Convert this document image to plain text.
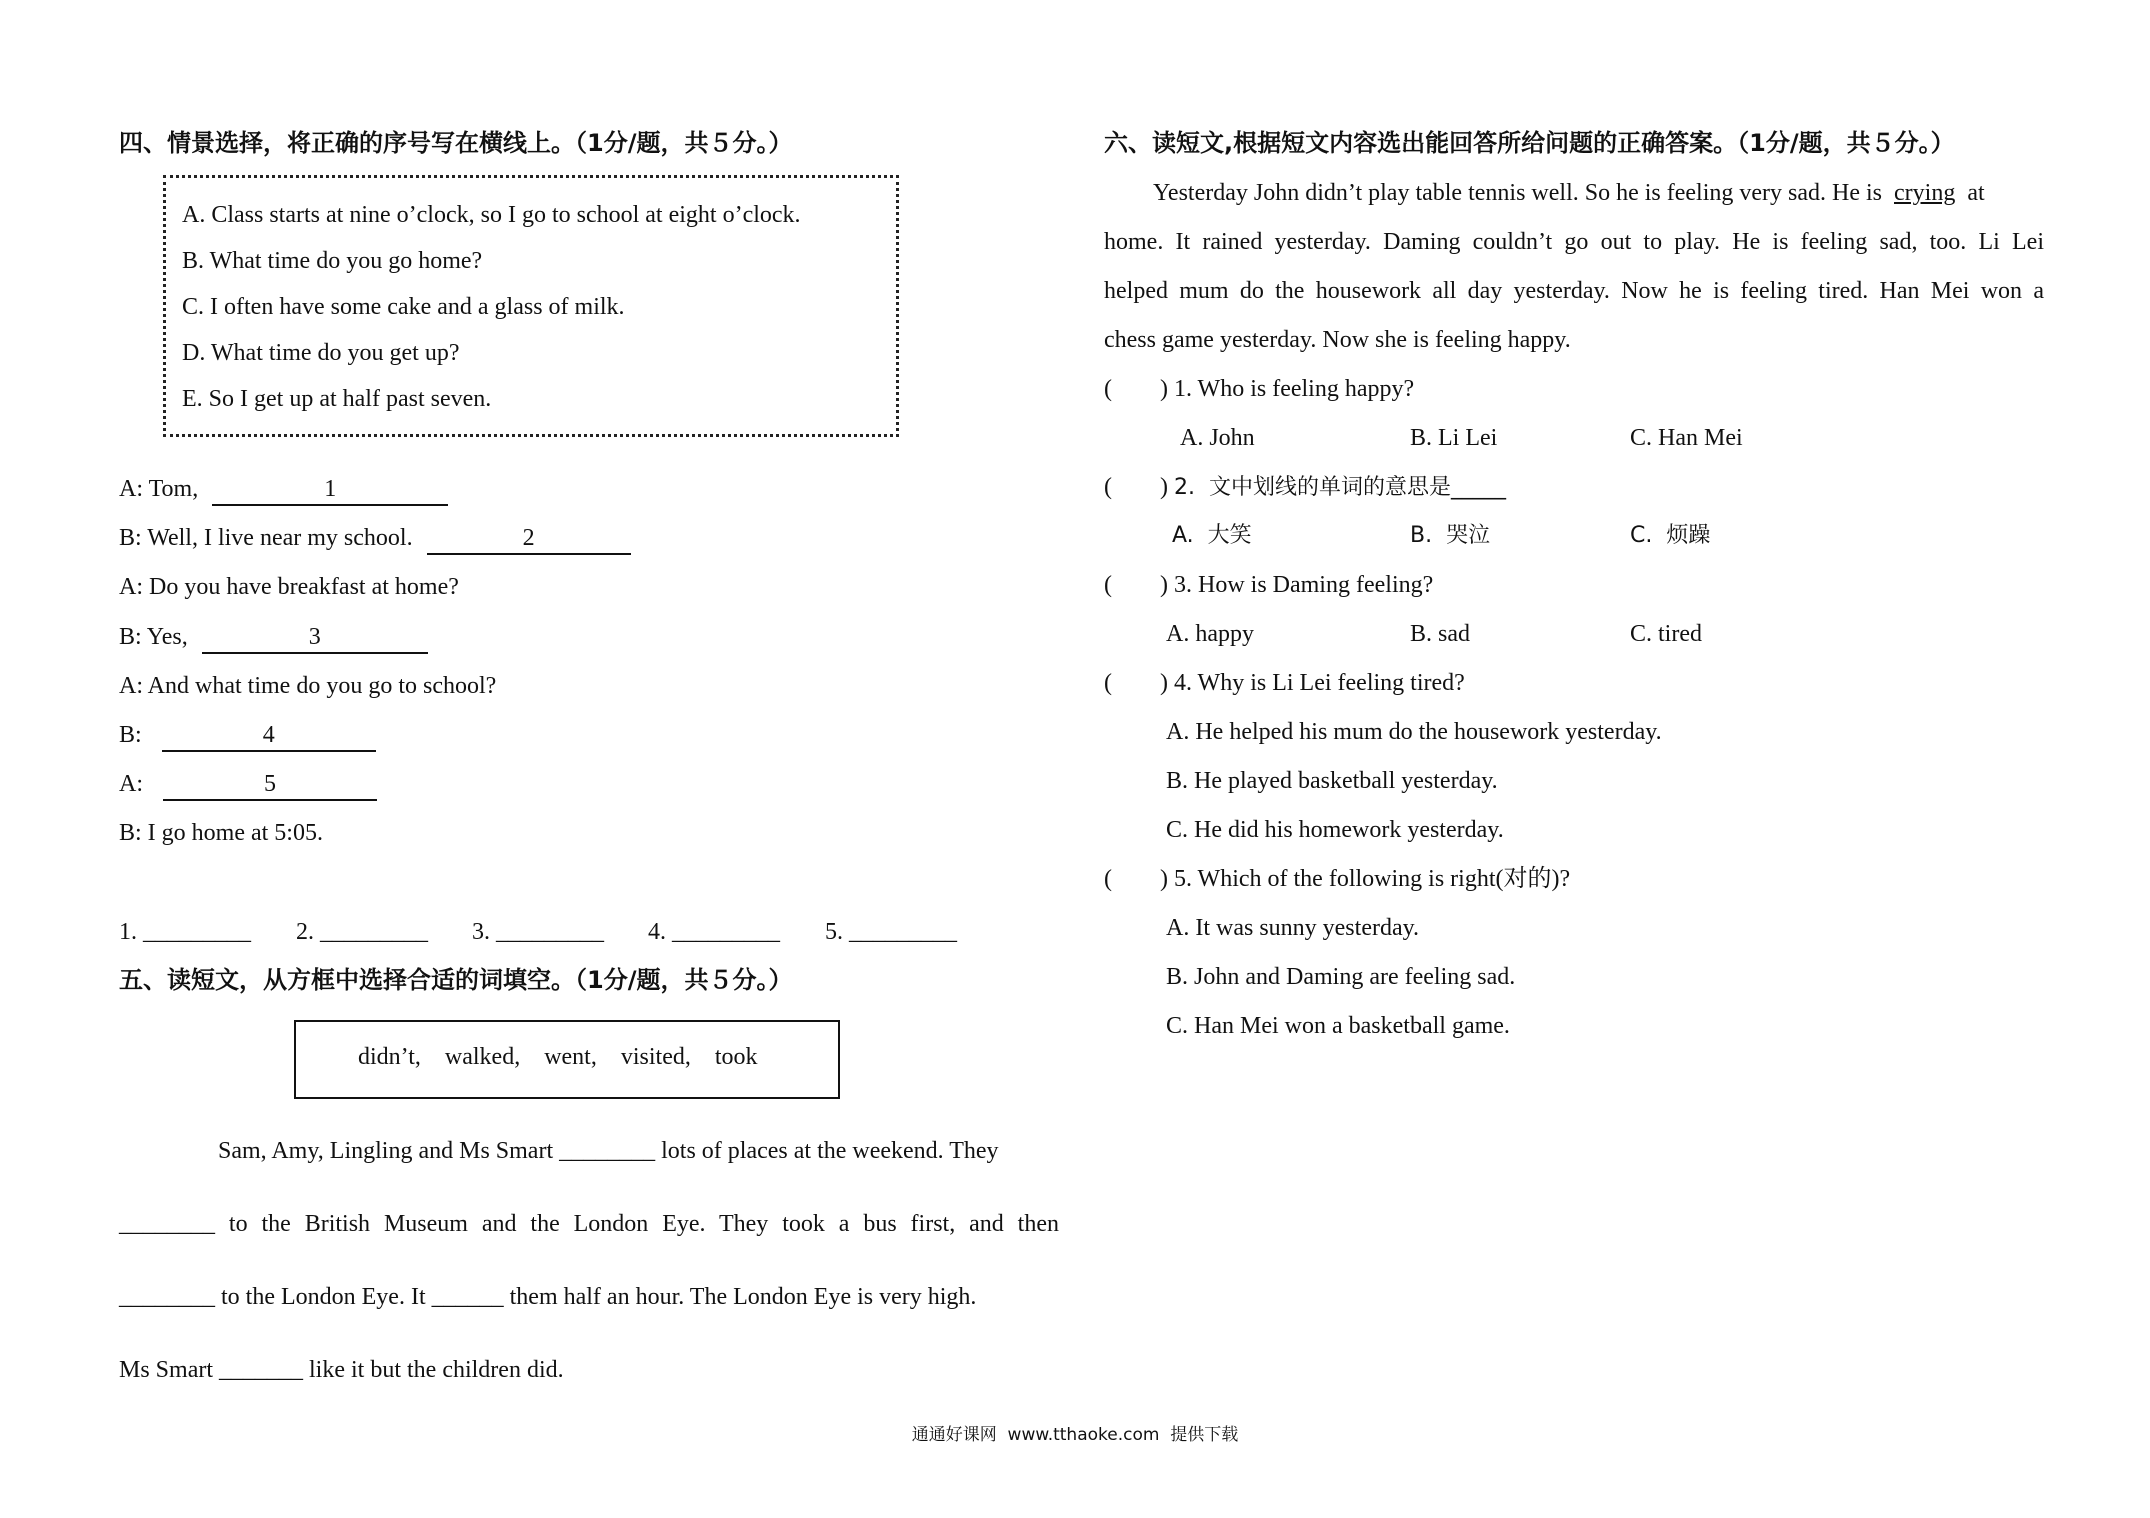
四、情景选择，将正确的序号写在横线上。（1分/题，共５分。）
A. Class starts at nine o’clock, so I go to school at eight o’clock.
B. What time do you go home?
C. I often have some cake and a glass of milk.
D. What time do you get up?
E. So I get up at half past seven.
A: Tom,	1
B: Well, I live near my school.	2
A: Do you have breakfast at home?
B: Yes,	3
A: And what time do you go to school?
B:	4
A:	5
B: I go home at 5:05.
1. _________ 2. _________ 3. _________ 4. _________ 5. _________
五、读短文，从方框中选择合适的词填空。（1分/题，共５分。）
didn’t,    walked,    went,    visited,    took
Sam, Amy, Lingling and Ms Smart ________ lots of places at the weekend. They
________ to the British Museum and the London Eye. They took a bus first, and then
________ to the London Eye. It ______ them half an hour. The London Eye is very high.
Ms Smart _______ like it but the children did.
六、读短文,根据短文内容选出能回答所给问题的正确答案。（1分/题，共５分。）
Yesterday John didn’t play table tennis well. So he is feeling very sad. He is crying at
home. It rained yesterday. Daming couldn’t go out to play. He is feeling sad, too. Li Lei
helped mum do the housework all day yesterday. Now he is feeling tired. Han Mei won a
chess game yesterday. Now she is feeling happy.
(        ) 1. Who is feeling happy?
A. John	B. Li Lei	C. Han Mei
(        ) 2.  文中划线的单词的意思是_____
A.  大笑	B.  哭泣	C.  烦躁
(        ) 3. How is Daming feeling?
A. happy	B. sad	C. tired
(        ) 4. Why is Li Lei feeling tired?
A. He helped his mum do the housework yesterday.
B. He played basketball yesterday.
C. He did his homework yesterday.
(        ) 5. Which of the following is right(对的)?
A. It was sunny yesterday.
B. John and Daming are feeling sad.
C. Han Mei won a basketball game.
通通好课网  www.tthaoke.com  提供下载
